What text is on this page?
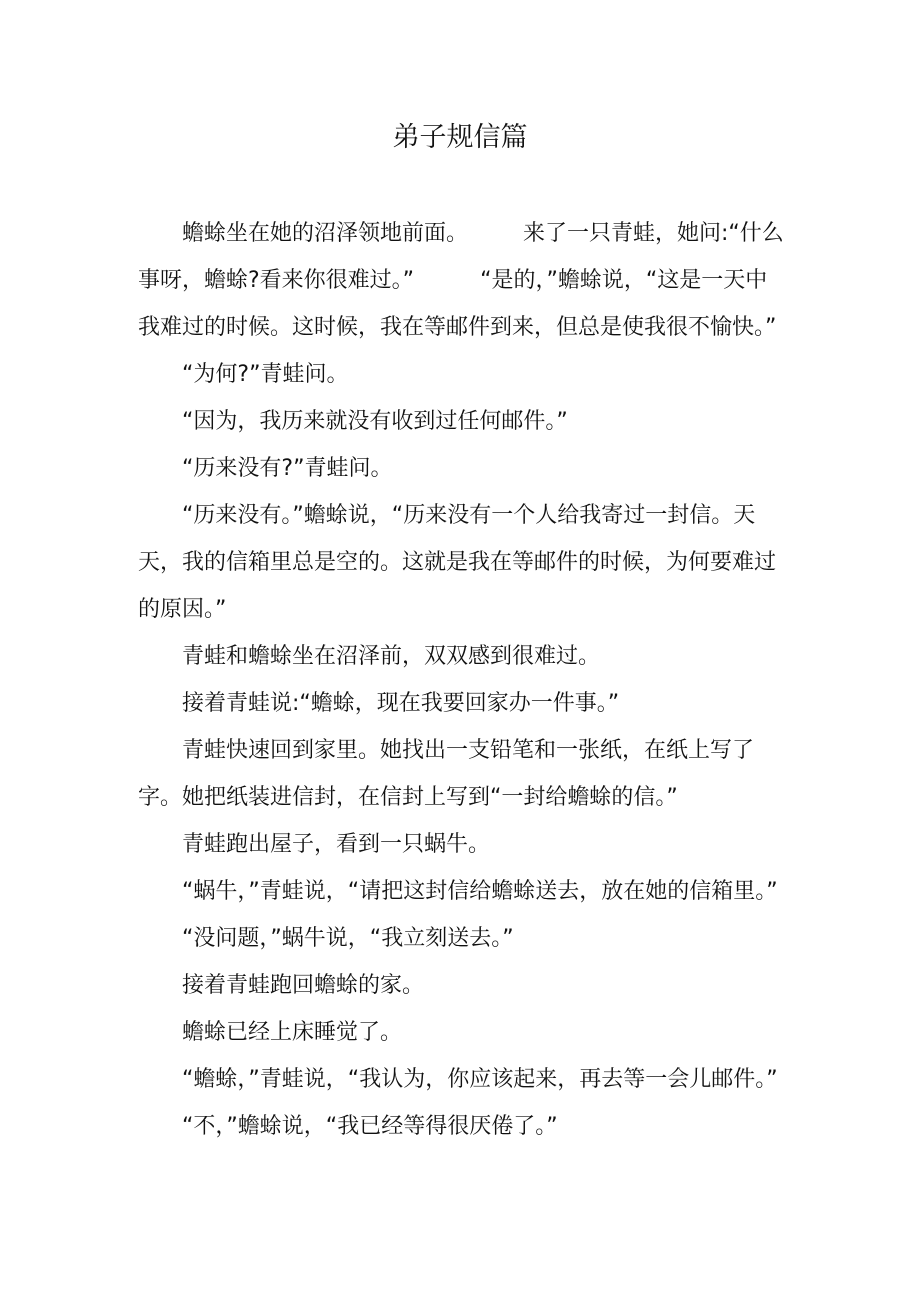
弟子规信篇

蟾蜍坐在她的沼泽领地前面。　　　来了一只青蛙，她问:“什么事呀，蟾蜍?看来你很难过。”　　　“是的，”蟾蜍说，“这是一天中我难过的时候。这时候，我在等邮件到来，但总是使我很不愉快。”

“为何?”青蛙问。

“因为，我历来就没有收到过任何邮件。”

“历来没有?”青蛙问。

“历来没有。”蟾蜍说，“历来没有一个人给我寄过一封信。天天，我的信箱里总是空的。这就是我在等邮件的时候，为何要难过的原因。”

青蛙和蟾蜍坐在沼泽前，双双感到很难过。

接着青蛙说:“蟾蜍，现在我要回家办一件事。”

青蛙快速回到家里。她找出一支铅笔和一张纸，在纸上写了字。她把纸装进信封，在信封上写到“一封给蟾蜍的信。”

青蛙跑出屋子，看到一只蜗牛。

“蜗牛，”青蛙说，“请把这封信给蟾蜍送去，放在她的信箱里。”

“没问题，”蜗牛说，“我立刻送去。”

接着青蛙跑回蟾蜍的家。

蟾蜍已经上床睡觉了。

“蟾蜍，”青蛙说，“我认为，你应该起来，再去等一会儿邮件。”

“不，”蟾蜍说，“我已经等得很厌倦了。”
